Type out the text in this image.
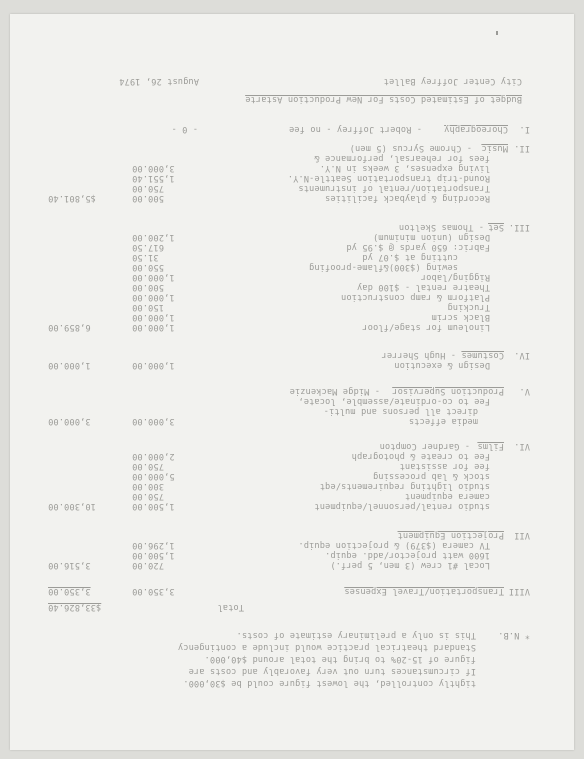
City Center Joffrey Ballet
August 26, 1974
Budget of Estimated Costs For New Production Astarte
I.
Choreography
- Robert Joffrey - no fee
- 0 -
II.
Music
- Chrome Syrcus (5 men)
fees for rehearsal, performance &
living expenses, 3 weeks in N.Y.
3,000.00
Round-trip transportation Seattle-N.Y.
1,551.40
Transportation/rental of instruments
750.00
Recording & playback facilities
500.00
$5,801.40
III.
Set
- Thomas Skelton
Design (union minimum)
1,200.00
Fabric: 650 yards @ $.95 yd
617.50
cutting at $.07 yd
31.50
sewing ($300)&flame-proofing
550.00
Rigging/labor
1,000.00
Theatre rental - $100 day
500.00
Platform & ramp construction
1,000.00
Trucking
150.00
Black scrim
1,000.00
Linoleum for stage/floor
1,000.00
6,859.00
IV.
Costumes
- Hugh Sherrer
Design & execution
1,000.00
1,000.00
V.
Production Supervisor
- Midge Mackenzie
Fee to co-ordinate/assemble, locate,
direct all persons and multi-
media effects
3,000.00
3,000.00
VI.
Films
- Gardner Compton
Fee to create & photograph
2,000.00
fee for assistant
750.00
stock & lab processing
5,000.00
studio lighting requirements/eqt
300.00
camera equipment
750.00
studio rental/personnel/equipment
1,500.00
10,300.00
VII
Projection Equipment
TV camera ($379) & projection equip.
1,296.00
1600 watt projector/add. equip.
1,500.00
Local #1 crew (3 men, 5 perf.)
720.00
3,516.00
VIII
Transportation/Travel Expenses
3,350.00
3,350.00
Total
$33,826.40
* N.B.
This is only a preliminary estimate of costs.
Standard theatrical practice would include a contingency
figure of 15-20% to bring the total around $40,000.
If circumstances turn out very favorably and costs are
tightly controlled, the lowest figure could be $30,000.
